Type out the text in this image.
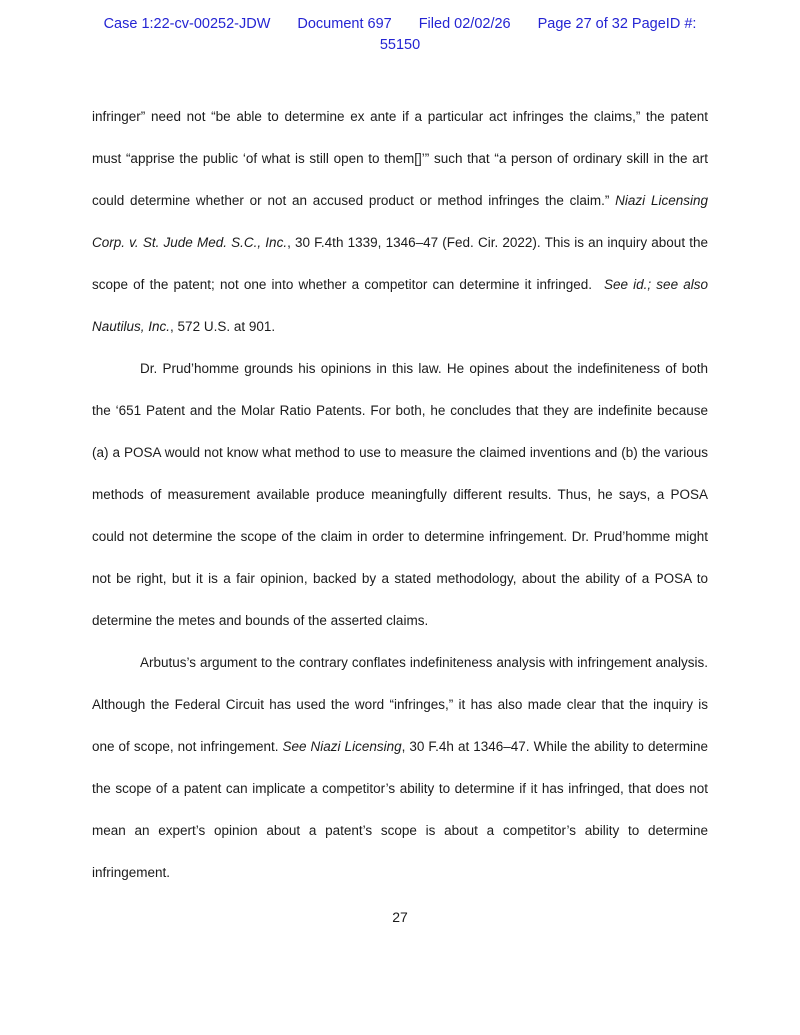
Case 1:22-cv-00252-JDW Document 697 Filed 02/02/26 Page 27 of 32 PageID #:
55150

infringer” need not “be able to determine ex ante if a particular act infringes the claims,” the patent must “apprise the public ‘of what is still open to them[]’” such that “a person of ordinary skill in the art could determine whether or not an accused product or method infringes the claim.” Niazi Licensing Corp. v. St. Jude Med. S.C., Inc., 30 F.4th 1339, 1346–47 (Fed. Cir. 2022). This is an inquiry about the scope of the patent; not one into whether a competitor can determine it infringed.  See id.; see also Nautilus, Inc., 572 U.S. at 901.

Dr. Prud’homme grounds his opinions in this law. He opines about the indefiniteness of both the ‘651 Patent and the Molar Ratio Patents. For both, he concludes that they are indefinite because (a) a POSA would not know what method to use to measure the claimed inventions and (b) the various methods of measurement available produce meaningfully different results. Thus, he says, a POSA could not determine the scope of the claim in order to determine infringement. Dr. Prud’homme might not be right, but it is a fair opinion, backed by a stated methodology, about the ability of a POSA to determine the metes and bounds of the asserted claims.

Arbutus’s argument to the contrary conflates indefiniteness analysis with infringement analysis. Although the Federal Circuit has used the word “infringes,” it has also made clear that the inquiry is one of scope, not infringement. See Niazi Licensing, 30 F.4h at 1346–47. While the ability to determine the scope of a patent can implicate a competitor’s ability to determine if it has infringed, that does not mean an expert’s opinion about a patent’s scope is about a competitor’s ability to determine infringement.

27
